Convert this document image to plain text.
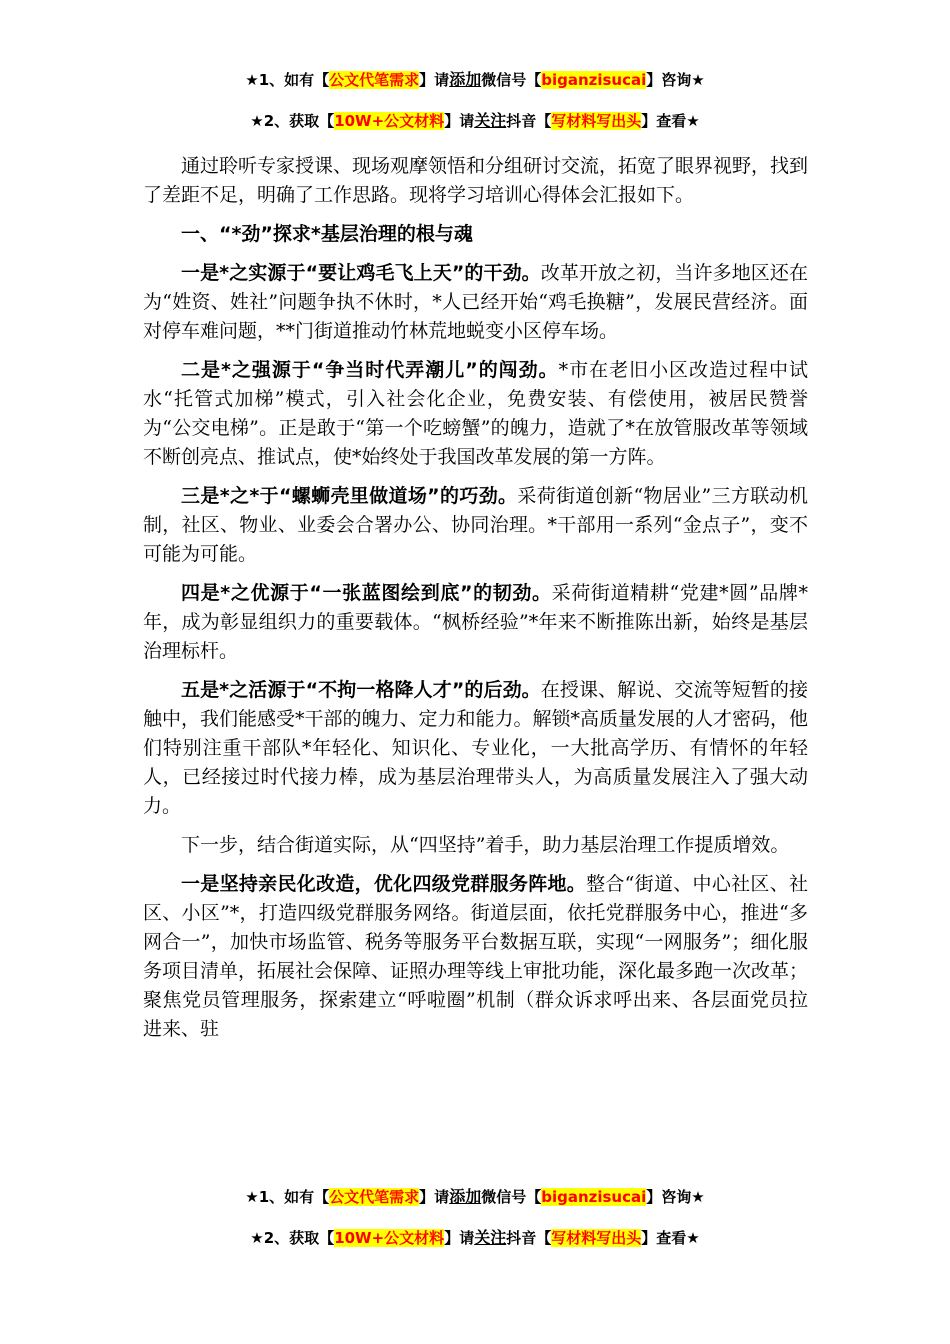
★1、如有【公文代笔需求】请添加微信号【biganzisucai】咨询★
★2、获取【10W+公文材料】请关注抖音【写材料写出头】查看★

通过聆听专家授课、现场观摩领悟和分组研讨交流，拓宽了眼界视野，找到了差距不足，明确了工作思路。现将学习培训心得体会汇报如下。

一、“*劲”探求*基层治理的根与魂

一是*之实源于“要让鸡毛飞上天”的干劲。改革开放之初，当许多地区还在为“姓资、姓社”问题争执不休时，*人已经开始“鸡毛换糖”，发展民营经济。面对停车难问题，**门街道推动竹林荒地蜕变小区停车场。

二是*之强源于“争当时代弄潮儿”的闯劲。*市在老旧小区改造过程中试水“托管式加梯”模式，引入社会化企业，免费安装、有偿使用，被居民赞誉为“公交电梯”。正是敢于“第一个吃螃蟹”的魄力，造就了*在放管服改革等领域不断创亮点、推试点，使*始终处于我国改革发展的第一方阵。

三是*之*于“螺蛳壳里做道场”的巧劲。采荷街道创新“物居业”三方联动机制，社区、物业、业委会合署办公、协同治理。*干部用一系列“金点子”，变不可能为可能。

四是*之优源于“一张蓝图绘到底”的韧劲。采荷街道精耕“党建*圆”品牌*年，成为彰显组织力的重要载体。“枫桥经验”*年来不断推陈出新，始终是基层治理标杆。

五是*之活源于“不拘一格降人才”的后劲。在授课、解说、交流等短暂的接触中，我们能感受*干部的魄力、定力和能力。解锁*高质量发展的人才密码，他们特别注重干部队*年轻化、知识化、专业化，一大批高学历、有情怀的年轻人，已经接过时代接力棒，成为基层治理带头人，为高质量发展注入了强大动力。

下一步，结合街道实际，从“四坚持”着手，助力基层治理工作提质增效。

一是坚持亲民化改造，优化四级党群服务阵地。整合“街道、中心社区、社区、小区”*，打造四级党群服务网络。街道层面，依托党群服务中心，推进“多网合一”，加快市场监管、税务等服务平台数据互联，实现“一网服务”；细化服务项目清单，拓展社会保障、证照办理等线上审批功能，深化最多跑一次改革；聚焦党员管理服务，探索建立“呼啦圈”机制（群众诉求呼出来、各层面党员拉进来、驻

★1、如有【公文代笔需求】请添加微信号【biganzisucai】咨询★
★2、获取【10W+公文材料】请关注抖音【写材料写出头】查看★
